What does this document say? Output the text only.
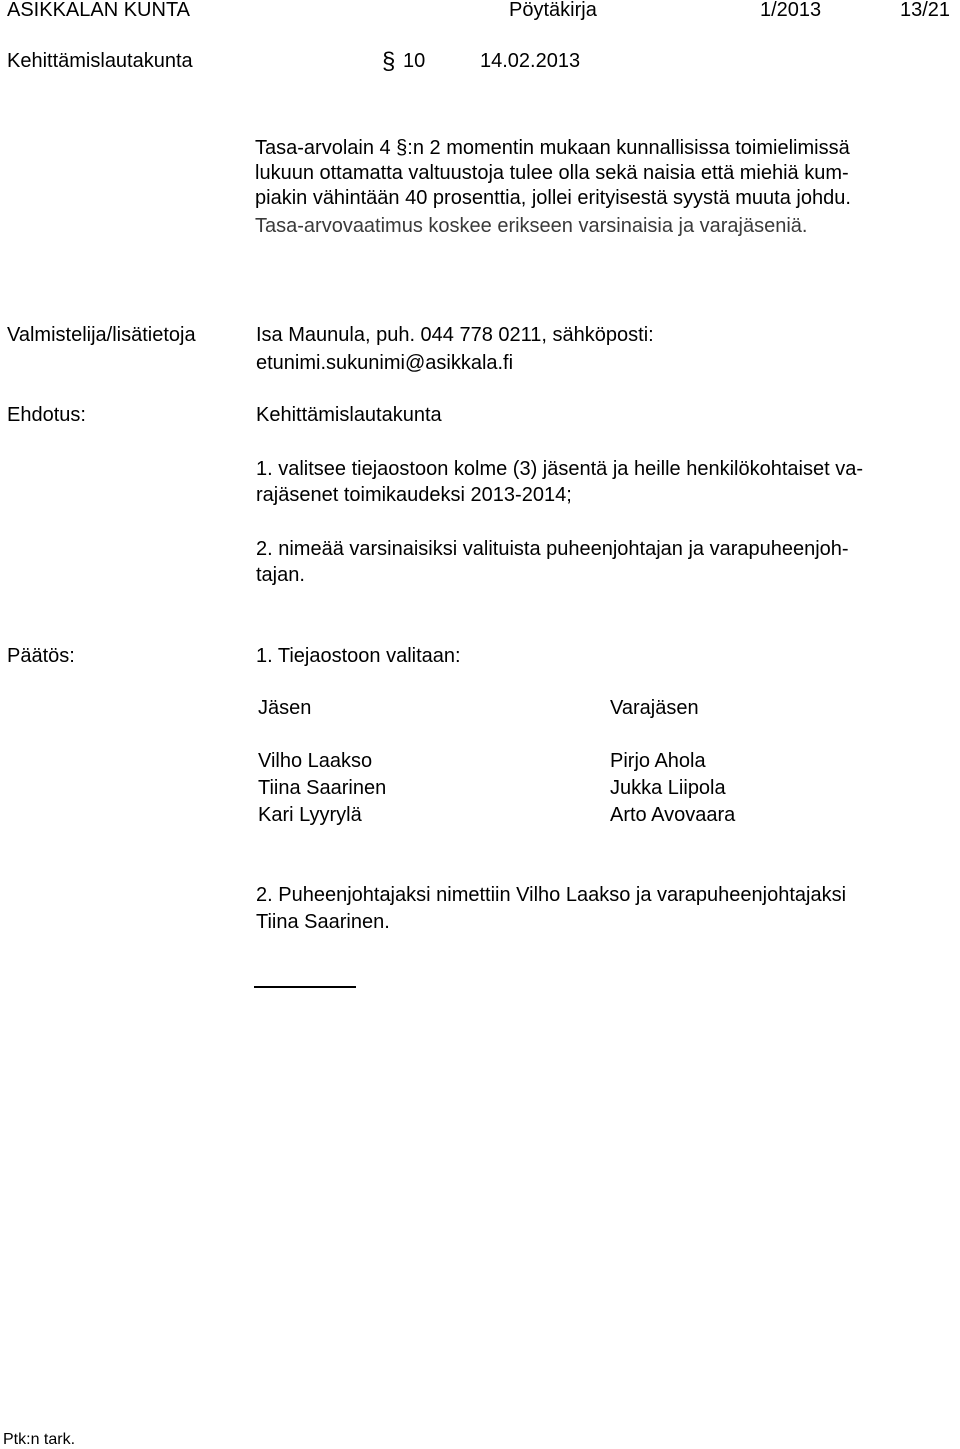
ASIKKALAN KUNTA	Pöytäkirja	1/2013	13/21
Kehittämislautakunta	§ 10	14.02.2013
Tasa-arvolain 4 §:n 2 momentin mukaan kunnallisissa toimielimissä
lukuun ottamatta valtuustoja tulee olla sekä naisia että miehiä kum-
piakin vähintään 40 prosenttia, jollei erityisestä syystä muuta johdu.
Tasa-arvovaatimus koskee erikseen varsinaisia ja varajäseniä.
Valmistelija/lisätietoja	Isa Maunula, puh. 044 778 0211, sähköposti:
etunimi.sukunimi@asikkala.fi
Ehdotus:	Kehittämislautakunta
1. valitsee tiejaostoon kolme (3) jäsentä ja heille henkilökohtaiset va-
rajäsenet toimikaudeksi 2013-2014;
2. nimeää varsinaisiksi valituista puheenjohtajan ja varapuheenjoh-
tajan.
Päätös:	1. Tiejaostoon valitaan:
Jäsen	Varajäsen
Vilho Laakso	Pirjo Ahola
Tiina Saarinen	Jukka Liipola
Kari Lyyrylä	Arto Avovaara
2. Puheenjohtajaksi nimettiin Vilho Laakso ja varapuheenjohtajaksi
Tiina Saarinen.
Ptk:n tark.
